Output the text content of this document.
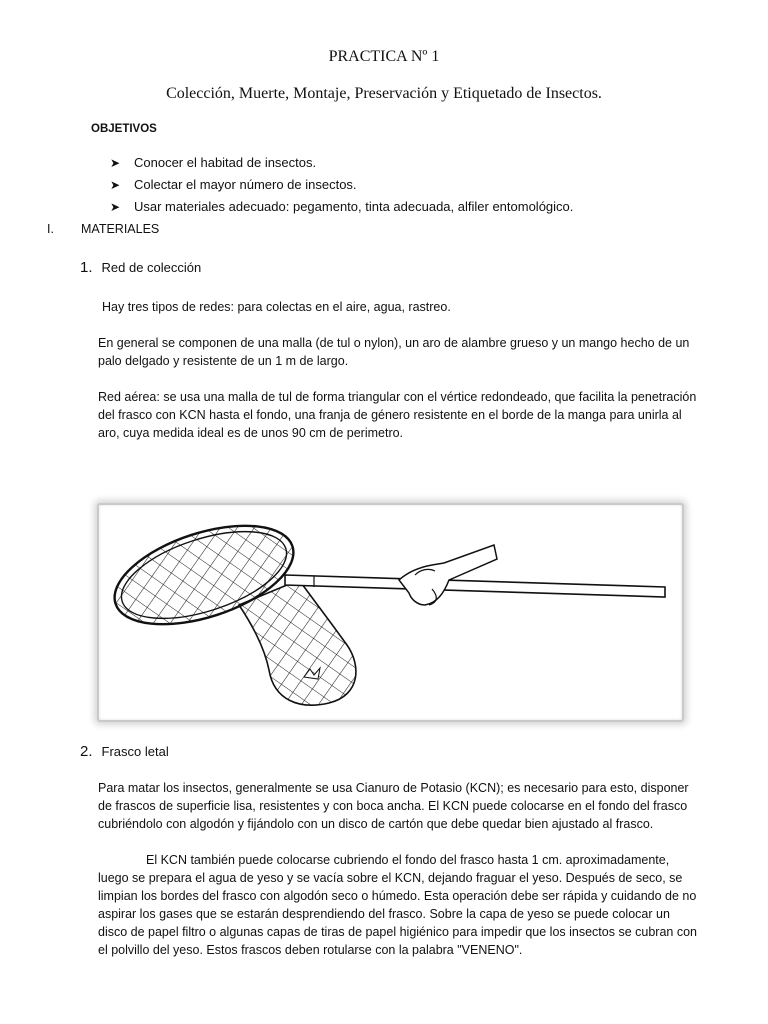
PRACTICA Nº 1
Colección, Muerte, Montaje, Preservación y Etiquetado de Insectos.
OBJETIVOS
➤ Conocer el habitad de insectos.
➤ Colectar el mayor número de insectos.
➤ Usar materiales adecuado: pegamento, tinta adecuada, alfiler entomológico.
I. MATERIALES
1. Red de colección

Hay tres tipos de redes: para colectas en el aire, agua, rastreo.

En general se componen de una malla (de tul o nylon), un aro de alambre grueso y un mango hecho de un palo delgado y resistente de un 1 m de largo.

Red aérea: se usa una malla de tul de forma triangular con el vértice redondeado, que facilita la penetración del frasco con KCN hasta el fondo, una franja de género resistente en el borde de la manga para unirla al aro, cuya medida ideal es de unos 90 cm de perimetro.

2. Frasco letal

Para matar los insectos, generalmente se usa Cianuro de Potasio (KCN); es necesario para esto, disponer de frascos de superficie lisa, resistentes y con boca ancha. El KCN puede colocarse en el fondo del frasco cubriéndolo con algodón y fijándolo con un disco de cartón que debe quedar bien ajustado al frasco.

El KCN también puede colocarse cubriendo el fondo del frasco hasta 1 cm. aproximadamente, luego se prepara el agua de yeso y se vacía sobre el KCN, dejando fraguar el yeso. Después de seco, se limpian los bordes del frasco con algodón seco o húmedo. Esta operación debe ser rápida y cuidando de no aspirar los gases que se estarán desprendiendo del frasco. Sobre la capa de yeso se puede colocar un disco de papel filtro o algunas capas de tiras de papel higiénico para impedir que los insectos se cubran con el polvillo del yeso. Estos frascos deben rotularse con la palabra "VENENO".
